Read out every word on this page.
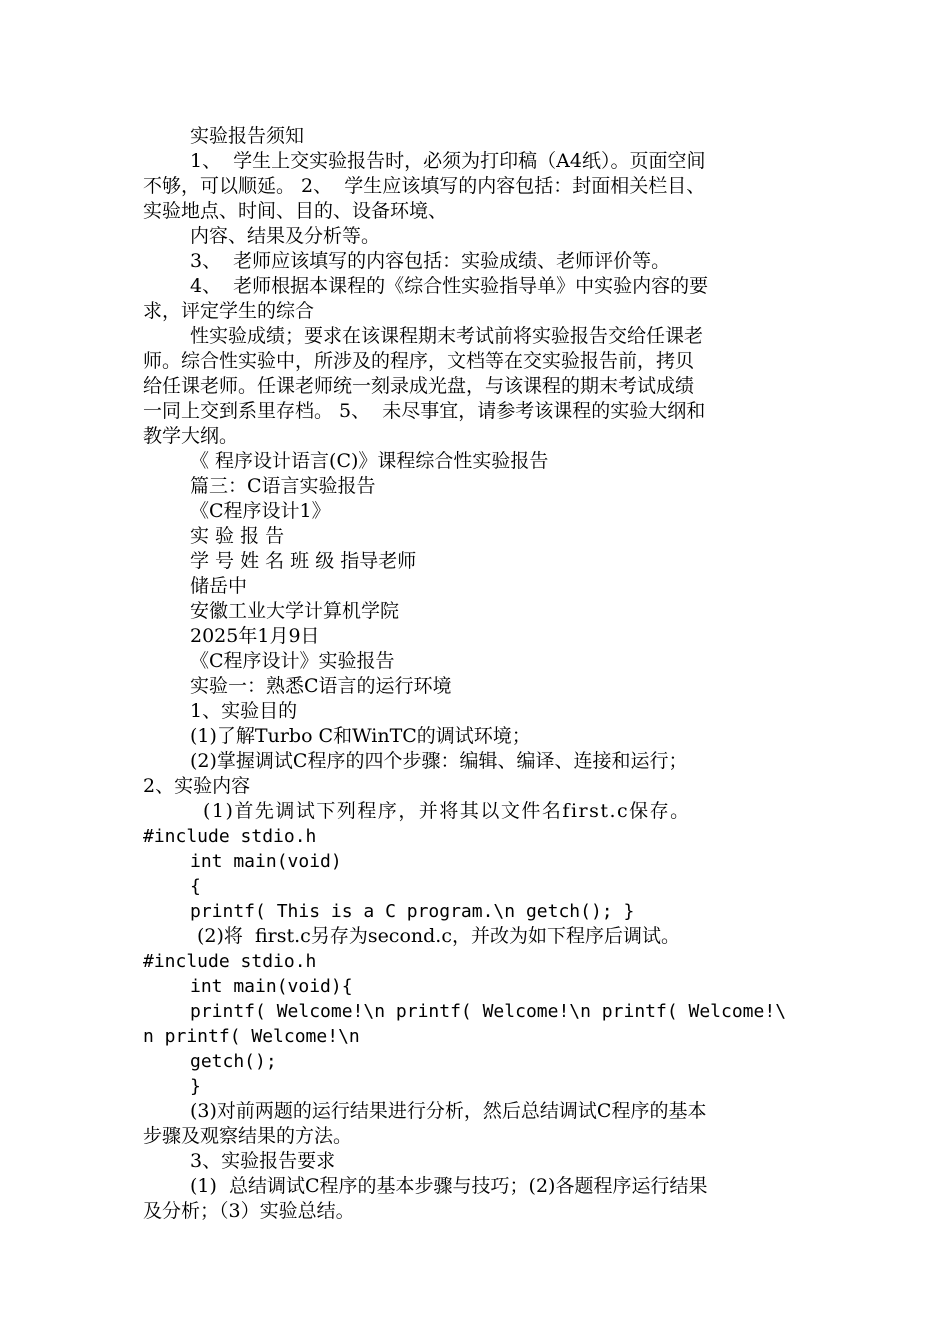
实验报告须知
1、  学生上交实验报告时，必须为打印稿（A4纸）。页面空间
不够，可以顺延。 2、  学生应该填写的内容包括：封面相关栏目、
实验地点、时间、目的、设备环境、
内容、结果及分析等。
3、  老师应该填写的内容包括：实验成绩、老师评价等。
4、  老师根据本课程的《综合性实验指导单》中实验内容的要
求，评定学生的综合
性实验成绩；要求在该课程期末考试前将实验报告交给任课老
师。综合性实验中，所涉及的程序，文档等在交实验报告前，拷贝
给任课老师。任课老师统一刻录成光盘，与该课程的期末考试成绩
一同上交到系里存档。 5、  未尽事宜，请参考该课程的实验大纲和
教学大纲。
《 程序设计语言(C)》课程综合性实验报告
篇三：C语言实验报告
《C程序设计1》
实 验 报 告
学 号 姓 名 班 级 指导老师
储岳中
安徽工业大学计算机学院
2025年1月9日
《C程序设计》实验报告
实验一：熟悉C语言的运行环境
1、实验目的
(1)了解Turbo C和WinTC的调试环境；
(2)掌握调试C程序的四个步骤：编辑、编译、连接和运行；
2、实验内容
(1)首先调试下列程序，并将其以文件名first.c保存。
#include stdio.h
int main(void)
{
printf( This is a C program.\n getch(); }
(2)将  first.c另存为second.c，并改为如下程序后调试。
#include stdio.h
int main(void){
printf( Welcome!\n printf( Welcome!\n printf( Welcome!\
n printf( Welcome!\n
getch();
}
(3)对前两题的运行结果进行分析，然后总结调试C程序的基本
步骤及观察结果的方法。
3、实验报告要求
(1)  总结调试C程序的基本步骤与技巧；(2)各题程序运行结果
及分析；（3）实验总结。
